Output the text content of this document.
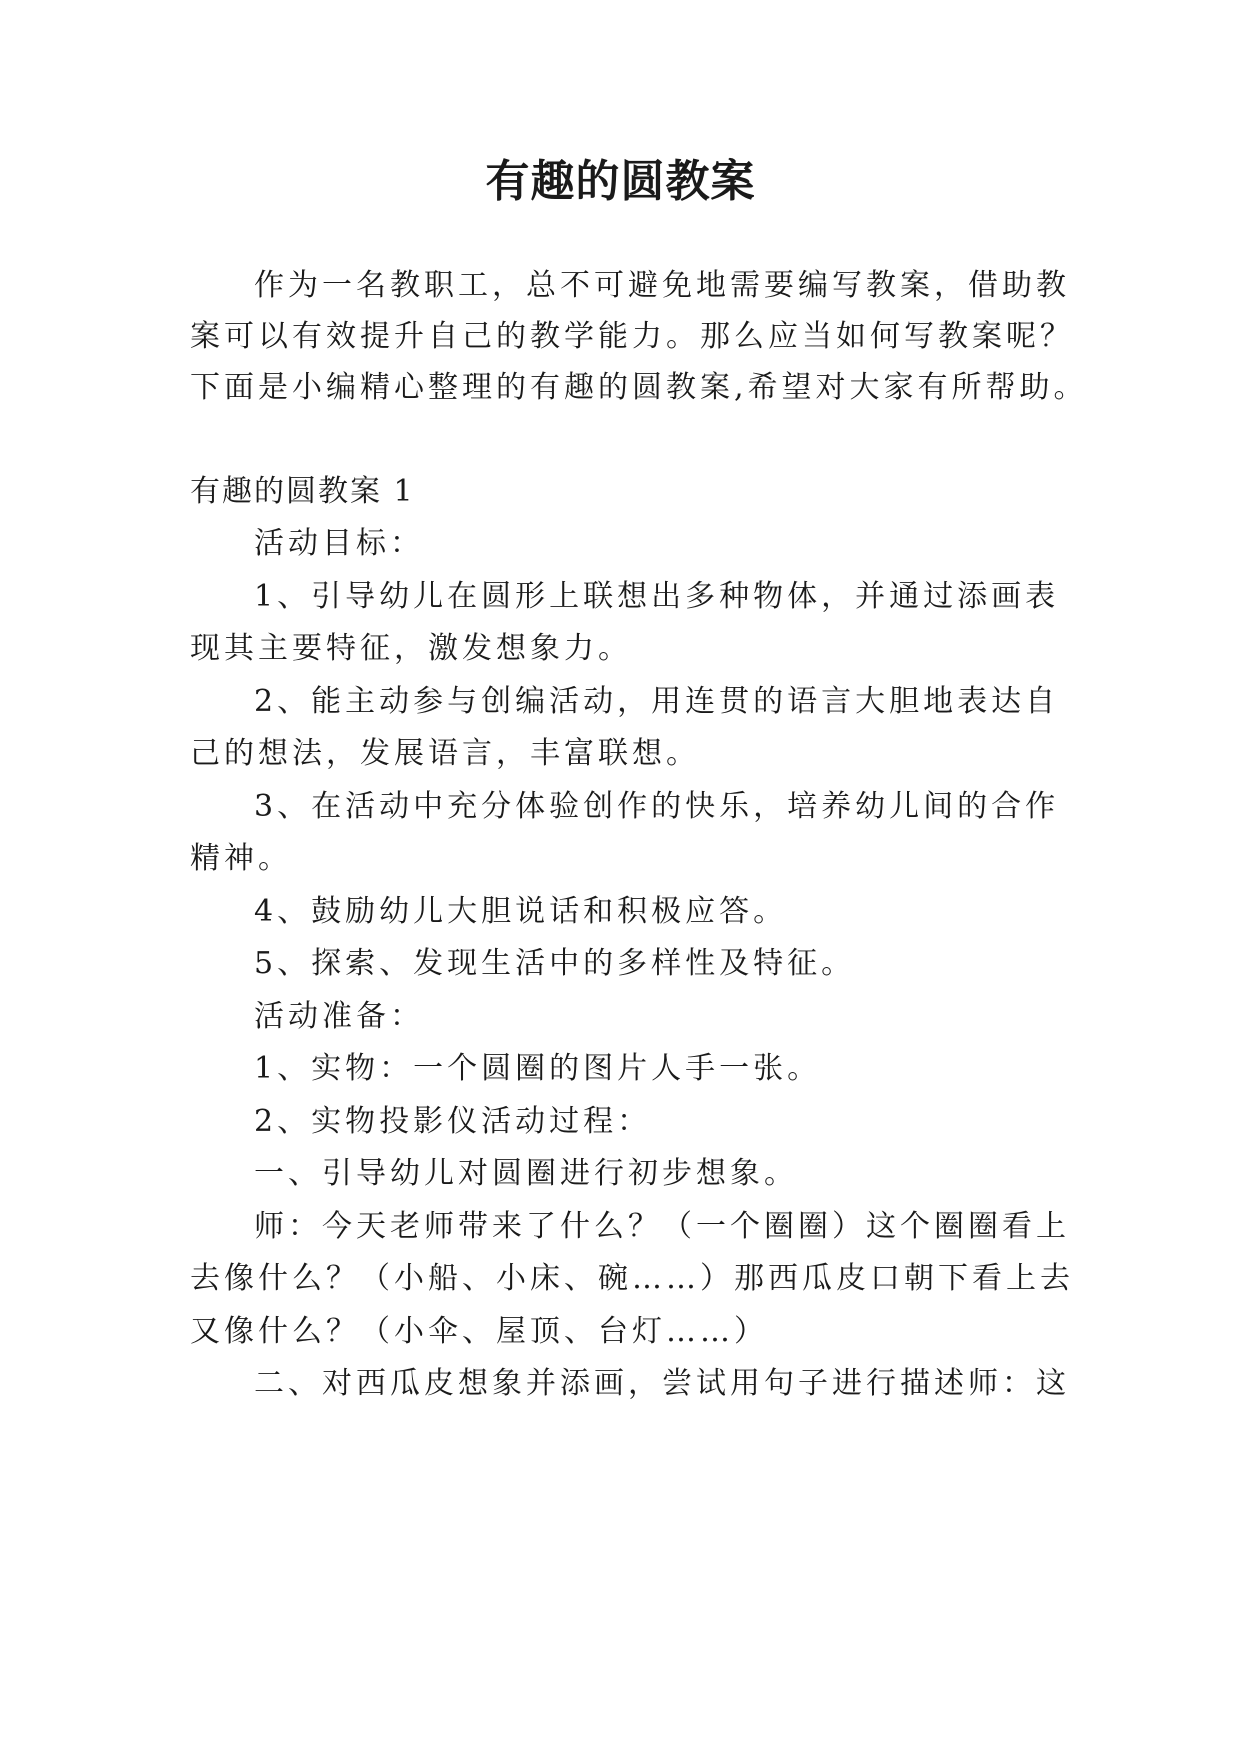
有趣的圆教案
作为一名教职工，总不可避免地需要编写教案，借助教
案可以有效提升自己的教学能力。那么应当如何写教案呢？
下面是小编精心整理的有趣的圆教案,希望对大家有所帮助。
有趣的圆教案 1
活动目标：
1、引导幼儿在圆形上联想出多种物体，并通过添画表
现其主要特征，激发想象力。
2、能主动参与创编活动，用连贯的语言大胆地表达自
己的想法，发展语言，丰富联想。
3、在活动中充分体验创作的快乐，培养幼儿间的合作
精神。
4、鼓励幼儿大胆说话和积极应答。
5、探索、发现生活中的多样性及特征。
活动准备：
1、实物：一个圆圈的图片人手一张。
2、实物投影仪活动过程：
一、引导幼儿对圆圈进行初步想象。
师：今天老师带来了什么？（一个圈圈）这个圈圈看上
去像什么？（小船、小床、碗……）那西瓜皮口朝下看上去
又像什么？（小伞、屋顶、台灯……）
二、对西瓜皮想象并添画，尝试用句子进行描述师：这
